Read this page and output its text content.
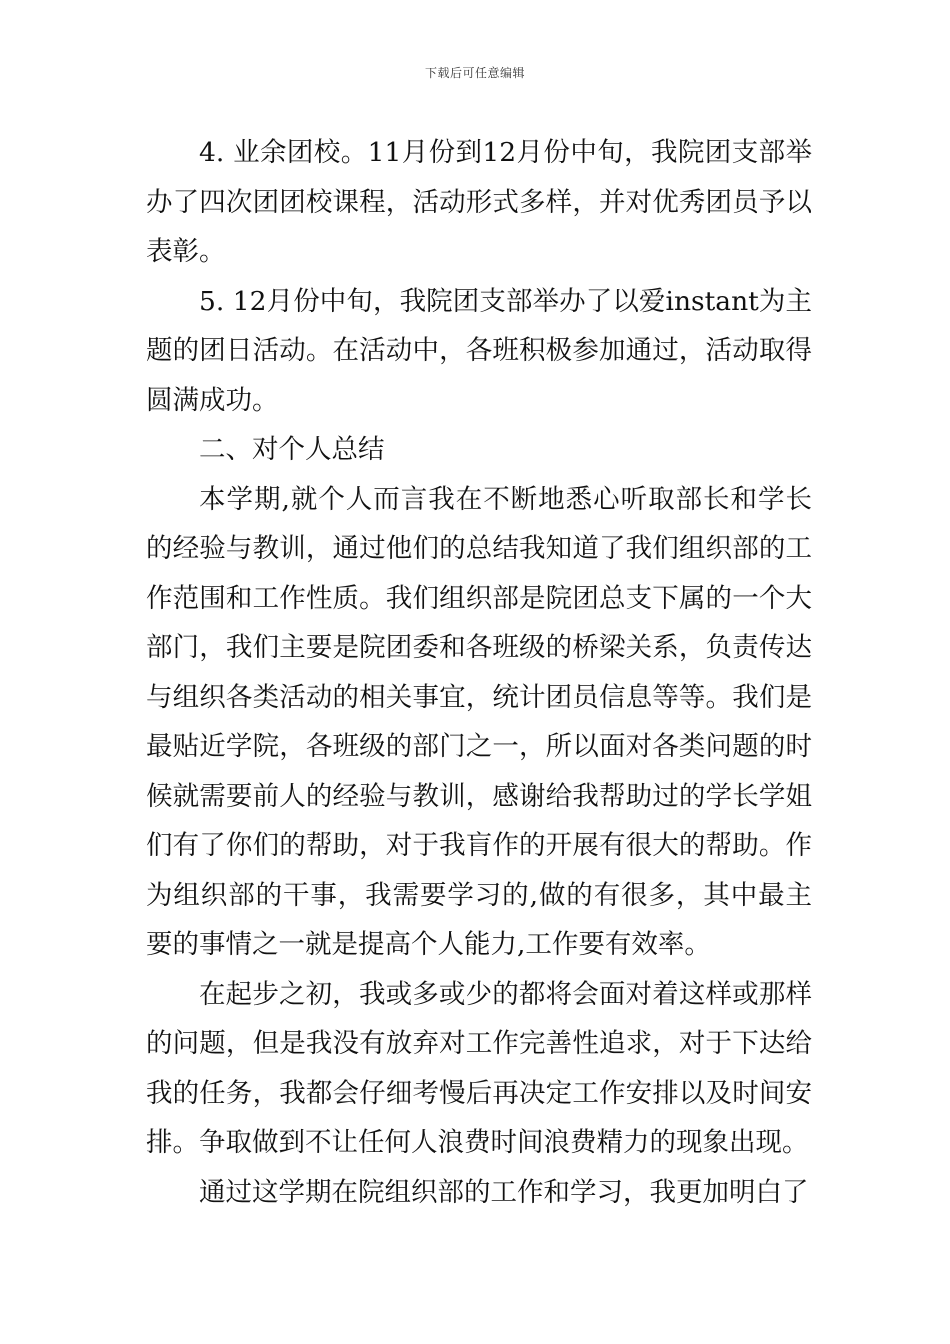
下载后可任意编辑

4. 业余团校。11月份到12月份中旬，我院团支部举办了四次团团校课程，活动形式多样，并对优秀团员予以表彰。

5. 12月份中旬，我院团支部举办了以爱instant为主题的团日活动。在活动中，各班积极参加通过，活动取得圆满成功。

二、对个人总结

本学期,就个人而言我在不断地悉心听取部长和学长的经验与教训，通过他们的总结我知道了我们组织部的工作范围和工作性质。我们组织部是院团总支下属的一个大部门，我们主要是院团委和各班级的桥梁关系，负责传达与组织各类活动的相关事宜，统计团员信息等等。我们是最贴近学院，各班级的部门之一，所以面对各类问题的时候就需要前人的经验与教训，感谢给我帮助过的学长学姐们有了你们的帮助，对于我肓作的开展有很大的帮助。作为组织部的干事，我需要学习的,做的有很多，其中最主要的事情之一就是提高个人能力,工作要有效率。

在起步之初，我或多或少的都将会面对着这样或那样的问题，但是我没有放弃对工作完善性追求，对于下达给我的任务，我都会仔细考慢后再决定工作安排以及时间安排。争取做到不让任何人浪费时间浪费精力的现象出现。

通过这学期在院组织部的工作和学习，我更加明白了
